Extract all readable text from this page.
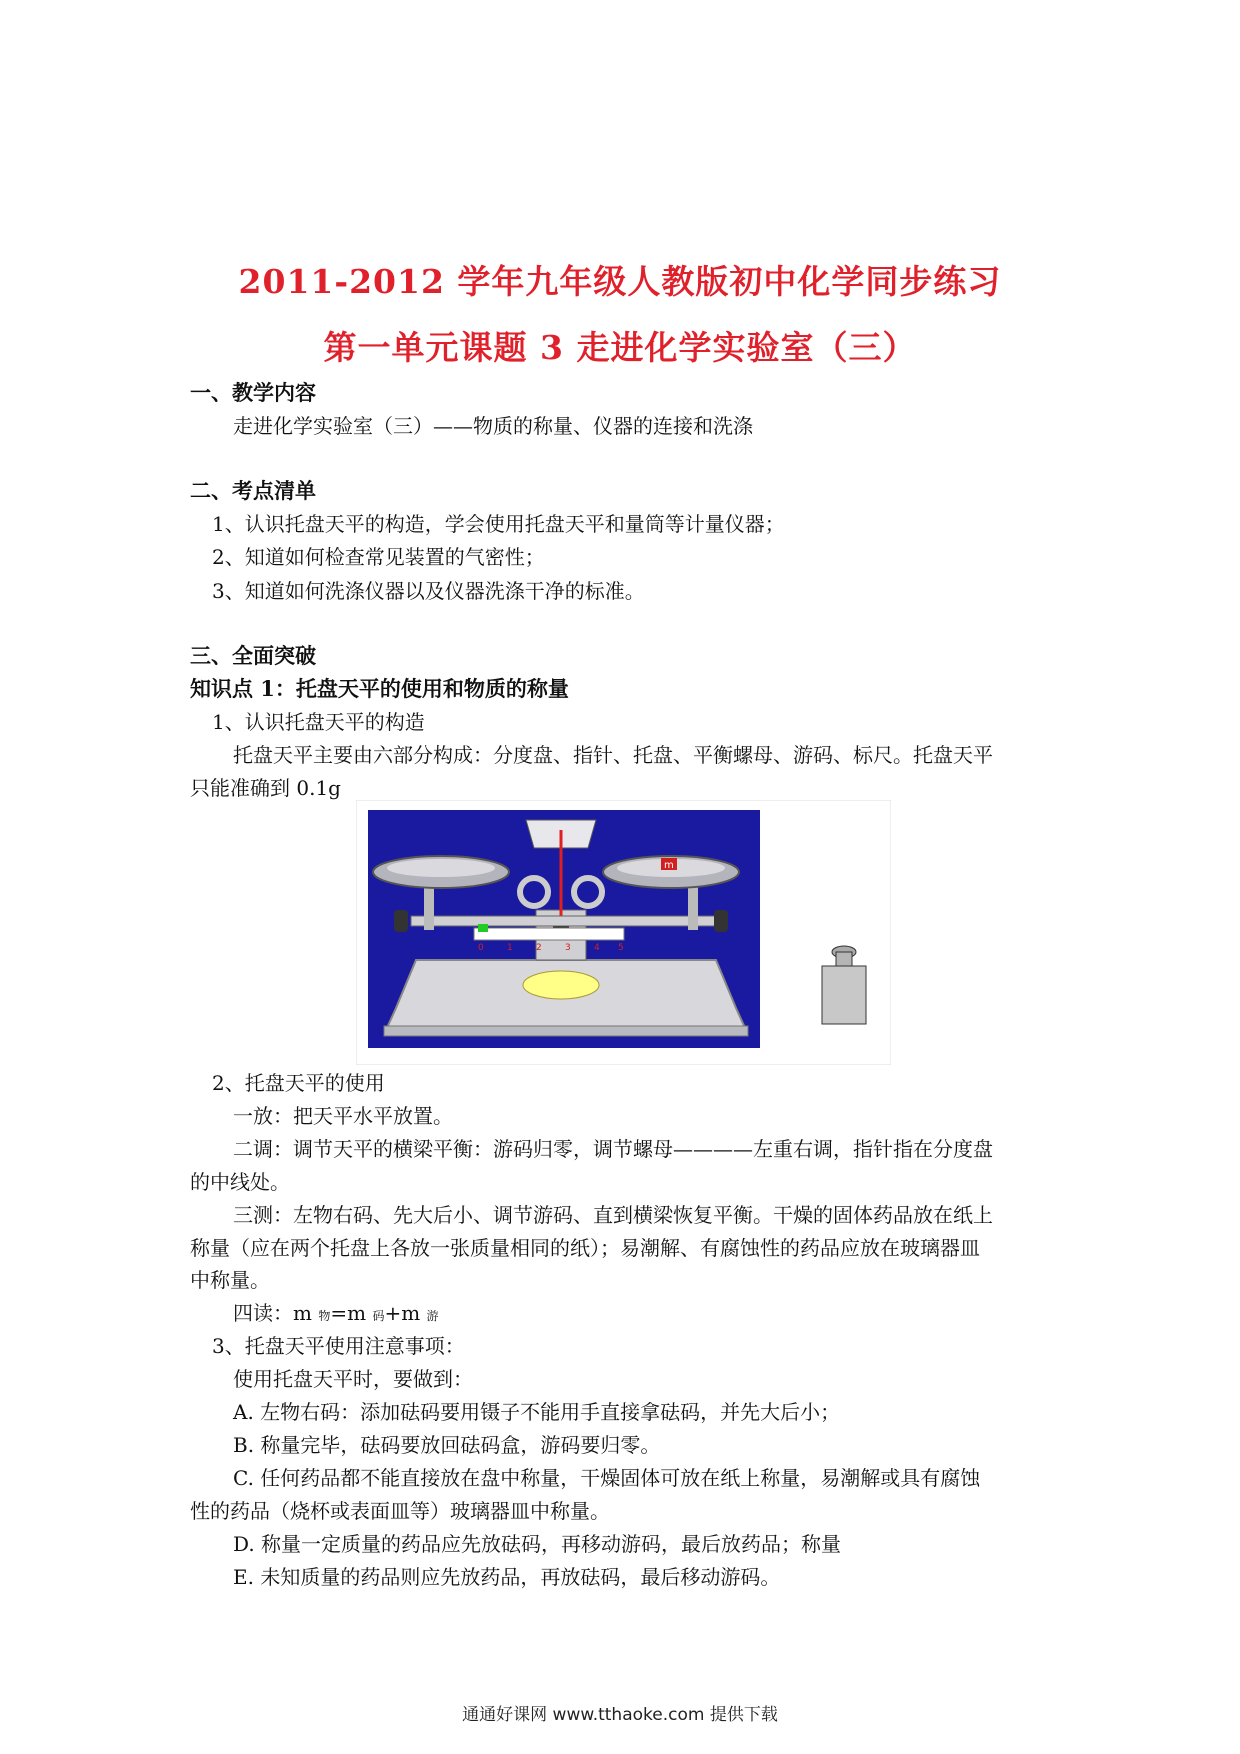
2011-2012 学年九年级人教版初中化学同步练习
第一单元课题 3 走进化学实验室（三）
一、教学内容
走进化学实验室（三）——物质的称量、仪器的连接和洗涤
二、考点清单
1、认识托盘天平的构造，学会使用托盘天平和量筒等计量仪器；
2、知道如何检查常见装置的气密性；
3、知道如何洗涤仪器以及仪器洗涤干净的标准。
三、全面突破
知识点 1：托盘天平的使用和物质的称量
1、认识托盘天平的构造
托盘天平主要由六部分构成：分度盘、指针、托盘、平衡螺母、游码、标尺。托盘天平
只能准确到 0.1g
0	1	2	3	4 5
m
2、托盘天平的使用
一放：把天平水平放置。
二调：调节天平的横梁平衡：游码归零，调节螺母————左重右调，指针指在分度盘
的中线处。
三测：左物右码、先大后小、调节游码、直到横梁恢复平衡。干燥的固体药品放在纸上
称量（应在两个托盘上各放一张质量相同的纸）；易潮解、有腐蚀性的药品应放在玻璃器皿
中称量。
四读：m 物=m 码+m 游
3、托盘天平使用注意事项：
使用托盘天平时，要做到：
A. 左物右码：添加砝码要用镊子不能用手直接拿砝码，并先大后小；
B. 称量完毕，砝码要放回砝码盒，游码要归零。
C. 任何药品都不能直接放在盘中称量，干燥固体可放在纸上称量，易潮解或具有腐蚀
性的药品（烧杯或表面皿等）玻璃器皿中称量。
D. 称量一定质量的药品应先放砝码，再移动游码，最后放药品；称量
E. 未知质量的药品则应先放药品，再放砝码，最后移动游码。
通通好课网 www.tthaoke.com 提供下载
